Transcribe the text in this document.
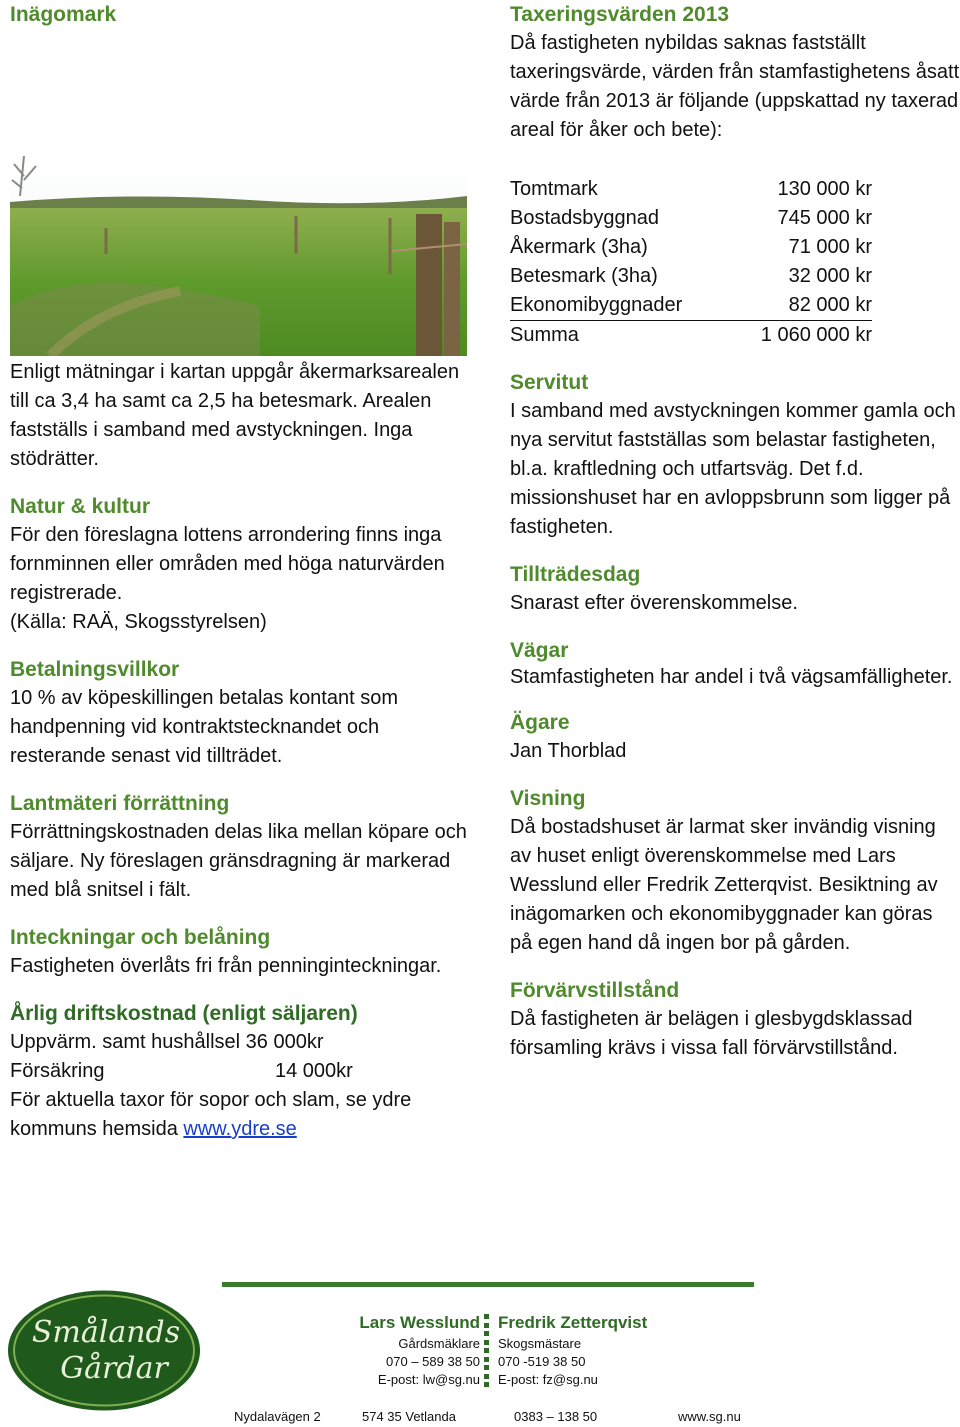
Inägomark

Enligt mätningar i kartan uppgår åkermarksarealen till ca 3,4 ha samt ca 2,5 ha betesmark. Arealen fastställs i samband med avstyckningen. Inga stödrätter.

Natur & kultur

För den föreslagna lottens arrondering finns inga fornminnen eller områden med höga naturvärden registrerade.

(Källa: RAÄ, Skogsstyrelsen)

Betalningsvillkor

10 % av köpeskillingen betalas kontant som handpenning vid kontraktstecknandet och resterande senast vid tillträdet.

Lantmäteri förrättning

Förrättningskostnaden delas lika mellan köpare och säljare. Ny föreslagen gränsdragning är markerad med blå snitsel i fält.

Inteckningar och belåning

Fastigheten överlåts fri från penninginteckningar.

Årlig driftskostnad (enligt säljaren)

Uppvärm. samt hushållsel 36 000kr

Försäkring	14 000kr

För aktuella taxor för sopor och slam, se ydre kommuns hemsida www.ydre.se

Taxeringsvärden 2013

Då fastigheten nybildas saknas fastställt taxeringsvärde, värden från stamfastighetens åsatt värde från 2013 är följande (uppskattad ny taxerad areal för åker och bete):

Tomtmark	130 000 kr
Bostadsbyggnad	745 000 kr
Åkermark (3ha)	71 000 kr
Betesmark (3ha)	32 000 kr
Ekonomibyggnader	82 000 kr
Summa	1 060 000 kr
Servitut

I samband med avstyckningen kommer gamla och nya servitut fastställas som belastar fastigheten, bl.a. kraftledning och utfartsväg. Det f.d. missionshuset har en avloppsbrunn som ligger på fastigheten.

Tillträdesdag

Snarast efter överenskommelse.

Vägar

Stamfastigheten har andel i två vägsamfälligheter.

Ägare

Jan Thorblad

Visning

Då bostadshuset är larmat sker invändig visning av huset enligt överenskommelse med Lars Wesslund eller Fredrik Zetterqvist. Besiktning av inägomarken och ekonomibyggnader kan göras på egen hand då ingen bor på gården.

Förvärvstillstånd

Då fastigheten är belägen i glesbygdsklassad församling krävs i vissa fall förvärvstillstånd.

Smålands
Gårdar
Lars Wesslund
Gårdsmäklare
070 – 589 38 50
E-post: lw@sg.nu
Fredrik Zetterqvist
Skogsmästare
070 -519 38 50
E-post: fz@sg.nu
Nydalavägen 2	574 35 Vetlanda	0383 – 138 50	www.sg.nu
